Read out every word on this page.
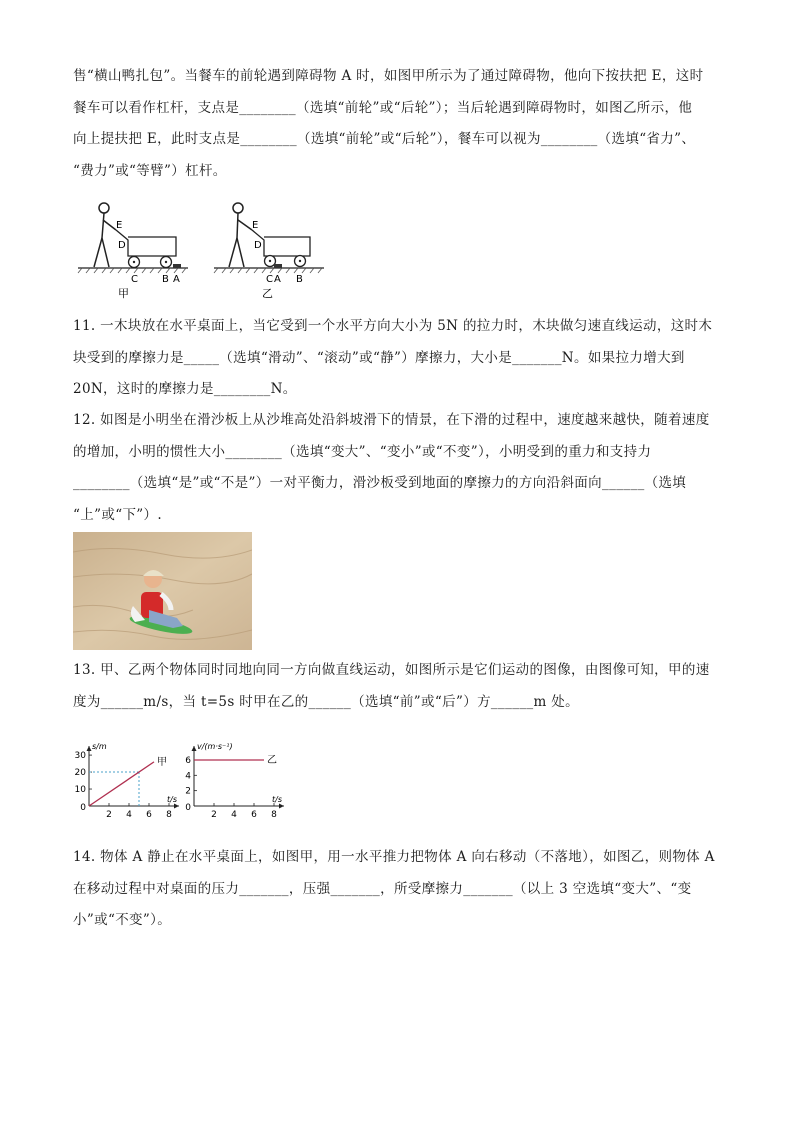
售“横山鸭扎包”。当餐车的前轮遇到障碍物 A 时，如图甲所示为了通过障碍物，他向下按扶把 E，这时
餐车可以看作杠杆，支点是________（选填“前轮”或“后轮”）；当后轮遇到障碍物时，如图乙所示，他
向上提扶把 E，此时支点是________（选填“前轮”或“后轮”），餐车可以视为________（选填“省力”、
“费力”或“等臂”）杠杆。
E
D
C B A
甲
E
D
C A B
乙
11. 一木块放在水平桌面上，当它受到一个水平方向大小为 5N 的拉力时，木块做匀速直线运动，这时木
块受到的摩擦力是_____（选填“滑动”、“滚动”或“静”）摩擦力，大小是_______N。如果拉力增大到
20N，这时的摩擦力是________N。
12. 如图是小明坐在滑沙板上从沙堆高处沿斜坡滑下的情景，在下滑的过程中，速度越来越快，随着速度
的增加，小明的惯性大小________（选填“变大”、“变小”或“不变”），小明受到的重力和支持力
________（选填“是”或“不是”）一对平衡力，滑沙板受到地面的摩擦力的方向沿斜面向______（选填
“上”或“下”）.
13. 甲、乙两个物体同时同地向同一方向做直线运动，如图所示是它们运动的图像，由图像可知，甲的速
度为______m/s，当 t=5s 时甲在乙的______（选填“前”或“后”）方______m 处。
2 4 6 8
10
20
30
0
s/m
t/s
甲
2 4 6 8
2
4
6
0
v/(m·s⁻¹)
t/s
乙
14. 物体 A 静止在水平桌面上，如图甲，用一水平推力把物体 A 向右移动（不落地），如图乙，则物体 A
在移动过程中对桌面的压力_______，压强_______，所受摩擦力_______（以上 3 空选填“变大”、“变
小”或“不变”）。
